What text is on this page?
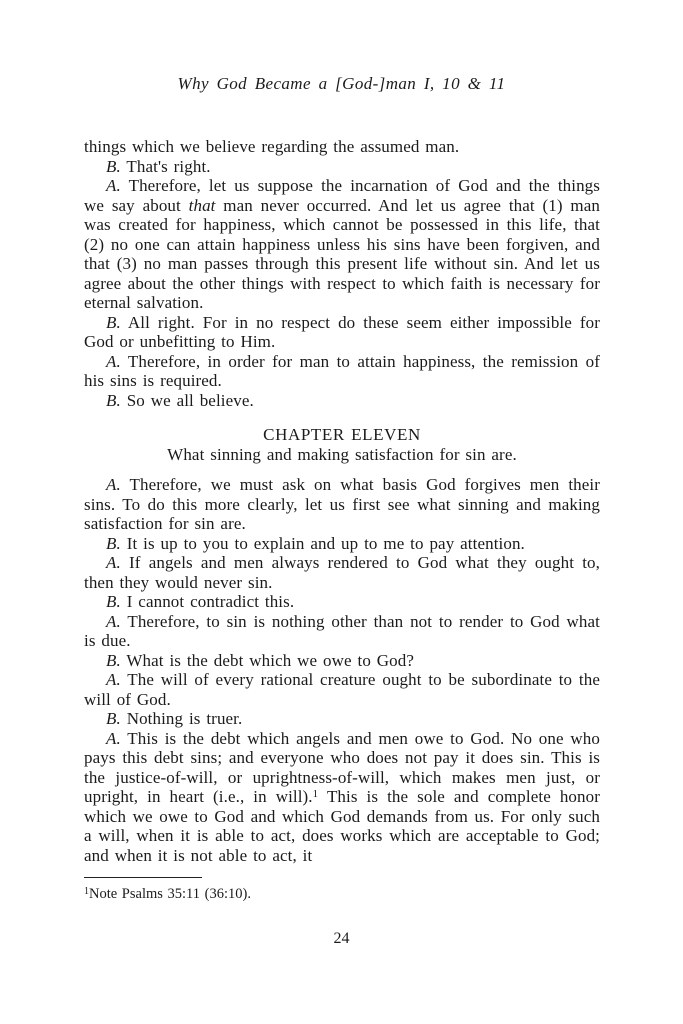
Why God Became a [God-]man I, 10 & 11

things which we believe regarding the assumed man.

B. That's right.

A. Therefore, let us suppose the incarnation of God and the things we say about that man never occurred. And let us agree that (1) man was created for happiness, which cannot be possessed in this life, that (2) no one can attain happiness unless his sins have been forgiven, and that (3) no man passes through this present life without sin. And let us agree about the other things with respect to which faith is necessary for eternal salvation.

B. All right. For in no respect do these seem either impossible for God or unbefitting to Him.

A. Therefore, in order for man to attain happiness, the remission of his sins is required.

B. So we all believe.

CHAPTER ELEVEN

What sinning and making satisfaction for sin are.

A. Therefore, we must ask on what basis God forgives men their sins. To do this more clearly, let us first see what sinning and making satisfaction for sin are.

B. It is up to you to explain and up to me to pay attention.

A. If angels and men always rendered to God what they ought to, then they would never sin.

B. I cannot contradict this.

A. Therefore, to sin is nothing other than not to render to God what is due.

B. What is the debt which we owe to God?

A. The will of every rational creature ought to be subordinate to the will of God.

B. Nothing is truer.

A. This is the debt which angels and men owe to God. No one who pays this debt sins; and everyone who does not pay it does sin. This is the justice-of-will, or uprightness-of-will, which makes men just, or upright, in heart (i.e., in will).$^1$ This is the sole and complete honor which we owe to God and which God demands from us. For only such a will, when it is able to act, does works which are acceptable to God; and when it is not able to act, it

$^1$Note Psalms 35:11 (36:10).
24
